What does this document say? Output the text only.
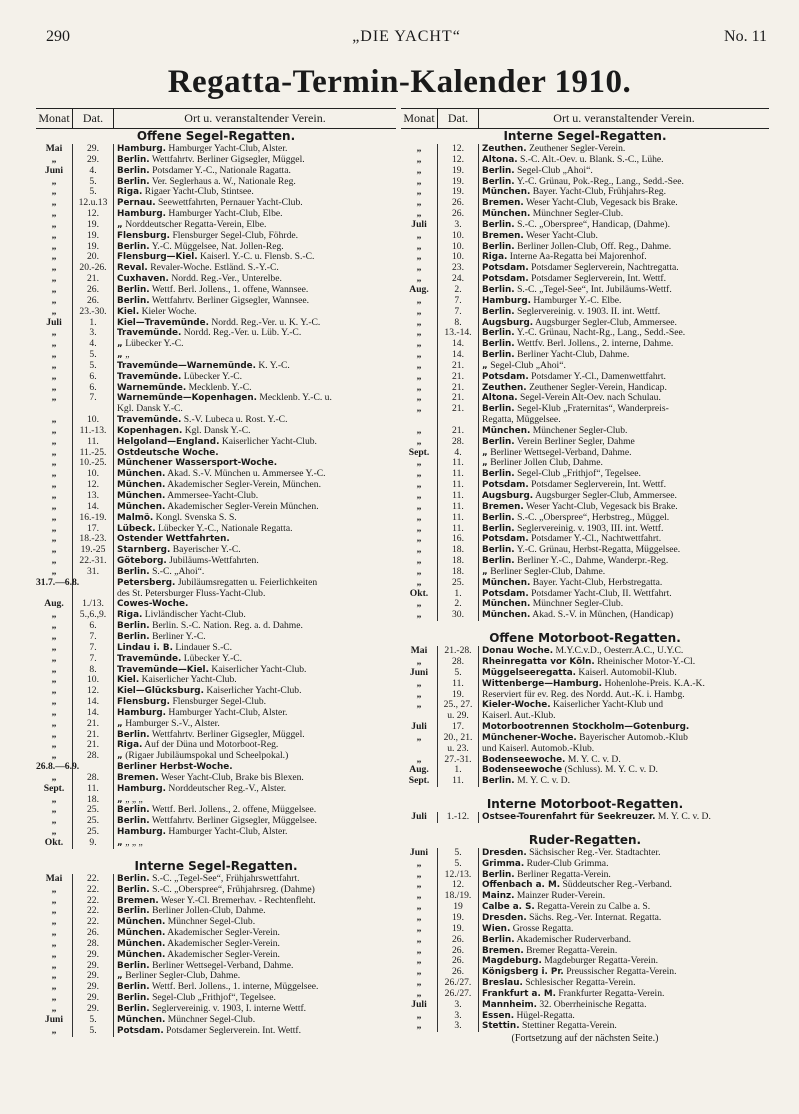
290	„DIE YACHT“	No. 11
Regatta-Termin-Kalender 1910.
Monat	Dat.	Ort u. veranstaltender Verein.
Offene Segel-Regatten.
Mai	29.	Hamburg. Hamburger Yacht-Club, Alster.
„	29.	Berlin. Wettfahrtv. Berliner Gigsegler, Müggel.
Juni	4.	Berlin. Potsdamer Y.-C., Nationale Ragatta.
„	5.	Berlin. Ver. Seglerhaus a. W., Nationale Reg.
„	5.	Riga. Rigaer Yacht-Club, Stintsee.
„	12.u.13	Pernau. Seewettfahrten, Pernauer Yacht-Club.
„	12.	Hamburg. Hamburger Yacht-Club, Elbe.
„	19.	„ Norddeutscher Regatta-Verein, Elbe.
„	19.	Flensburg. Flensburger Segel-Club, Föhrde.
„	19.	Berlin. Y.-C. Müggelsee, Nat. Jollen-Reg.
„	20.	Flensburg—Kiel. Kaiserl. Y.-C. u. Flensb. S.-C.
„	20.-26.	Reval. Revaler-Woche. Estländ. S.-Y.-C.
„	21.	Cuxhaven. Nordd. Reg.-Ver., Unterelbe.
„	26.	Berlin. Wettf. Berl. Jollens., 1. offene, Wannsee.
„	26.	Berlin. Wettfahrtv. Berliner Gigsegler, Wannsee.
„	23.-30.	Kiel. Kieler Woche.
Juli	1.	Kiel—Travemünde. Nordd. Reg.-Ver. u. K. Y.-C.
„	3.	Travemünde. Nordd. Reg.-Ver. u. Lüb. Y.-C.
„	4.	„ Lübecker Y.-C.
„	5.	„ „
„	5.	Travemünde—Warnemünde. K. Y.-C.
„	6.	Travemünde. Lübecker Y.-C.
„	6.	Warnemünde. Mecklenb. Y.-C.
„	7.	Warnemünde—Kopenhagen. Mecklenb. Y.-C. u.
Kgl. Dansk Y.-C.
„	10.	Travemünde. S.-V. Lubeca u. Rost. Y.-C.
„	11.-13.	Kopenhagen. Kgl. Dansk Y.-C.
„	11.	Helgoland—England. Kaiserlicher Yacht-Club.
„	11.-25.	Ostdeutsche Woche.
„	10.-25.	Münchener Wassersport-Woche.
„	10.	München. Akad. S.-V. München u. Ammersee Y.-C.
„	12.	München. Akademischer Segler-Verein, München.
„	13.	München. Ammersee-Yacht-Club.
„	14.	München. Akademischer Segler-Verein München.
„	16.-19.	Malmö. Kongl. Svenska S. S.
„	17.	Lübeck. Lübecker Y.-C., Nationale Regatta.
„	18.-23.	Ostender Wettfahrten.
„	19.-25	Starnberg. Bayerischer Y.-C.
„	22.-31.	Göteborg. Jubiläums-Wettfahrten.
„	31.	Berlin. S.-C. „Ahoi“.
31.7.—6.8.	Petersberg. Jubiläumsregatten u. Feierlichkeiten
des St. Petersburger Fluss-Yacht-Club.
Aug.	1./13.	Cowes-Woche.
„	5.,6.,9.	Riga. Livländischer Yacht-Club.
„	6.	Berlin. Berlin. S.-C. Nation. Reg. a. d. Dahme.
„	7.	Berlin. Berliner Y.-C.
„	7.	Lindau i. B. Lindauer S.-C.
„	7.	Travemünde. Lübecker Y.-C.
„	8.	Travemünde—Kiel. Kaiserlicher Yacht-Club.
„	10.	Kiel. Kaiserlicher Yacht-Club.
„	12.	Kiel—Glücksburg. Kaiserlicher Yacht-Club.
„	14.	Flensburg. Flensburger Segel-Club.
„	14.	Hamburg. Hamburger Yacht-Club, Alster.
„	21.	„ Hamburger S.-V., Alster.
„	21.	Berlin. Wettfahrtv. Berliner Gigsegler, Müggel.
„	21.	Riga. Auf der Düna und Motorboot-Reg.
„	28.	„ (Rigaer Jubiläumspokal und Scheelpokal.)
26.8.—6.9.	Berliner Herbst-Woche.
„	28.	Bremen. Weser Yacht-Club, Brake bis Blexen.
Sept.	11.	Hamburg. Norddeutscher Reg.-V., Alster.
„	18.	„ „ „ „
„	25.	Berlin. Wettf. Berl. Jollens., 2. offene, Müggelsee.
„	25.	Berlin. Wettfahrtv. Berliner Gigsegler, Müggelsee.
„	25.	Hamburg. Hamburger Yacht-Club, Alster.
Okt.	9.	„ „ „ „
Interne Segel-Regatten.
Mai	22.	Berlin. S.-C. „Tegel-See“, Frühjahrswettfahrt.
„	22.	Berlin. S.-C. „Oberspree“, Frühjahrsreg. (Dahme)
„	22.	Bremen. Weser Y.-Cl. Bremerhav. - Rechtenfleht.
„	22.	Berlin. Berliner Jollen-Club, Dahme.
„	22.	München. Münchner Segel-Club.
„	26.	München. Akademischer Segler-Verein.
„	28.	München. Akademischer Segler-Verein.
„	29.	München. Akademischer Segler-Verein.
„	29.	Berlin. Berliner Wettsegel-Verband, Dahme.
„	29.	„ Berliner Segler-Club, Dahme.
„	29.	Berlin. Wettf. Berl. Jollens., 1. interne, Müggelsee.
„	29.	Berlin. Segel-Club „Frithjof“, Tegelsee.
„	29.	Berlin. Seglervereinig. v. 1903, I. interne Wettf.
Juni	5.	München. Münchner Segel-Club.
„	5.	Potsdam. Potsdamer Seglerverein. Int. Wettf.
Monat	Dat.	Ort u. veranstaltender Verein.
Interne Segel-Regatten.
„	12.	Zeuthen. Zeuthener Segler-Verein.
„	12.	Altona. S.-C. Alt.-Oev. u. Blank. S.-C., Lühe.
„	19.	Berlin. Segel-Club „Ahoi“.
„	19.	Berlin. Y.-C. Grünau, Pok.-Reg., Lang., Sedd.-See.
„	19.	München. Bayer. Yacht-Club, Frühjahrs-Reg.
„	26.	Bremen. Weser Yacht-Club, Vegesack bis Brake.
„	26.	München. Münchner Segler-Club.
Juli	3.	Berlin. S.-C. „Oberspree“, Handicap, (Dahme).
„	10.	Bremen. Weser Yacht-Club.
„	10.	Berlin. Berliner Jollen-Club, Off. Reg., Dahme.
„	10.	Riga. Interne Aa-Regatta bei Majorenhof.
„	23.	Potsdam. Potsdamer Seglerverein, Nachtregatta.
„	24.	Potsdam. Potsdamer Seglerverein, Int. Wettf.
Aug.	2.	Berlin. S.-C. „Tegel-See“, Int. Jubiläums-Wettf.
„	7.	Hamburg. Hamburger Y.-C. Elbe.
„	7.	Berlin. Seglervereinig. v. 1903. II. int. Wettf.
„	8.	Augsburg. Augsburger Segler-Club, Ammersee.
„	13.-14.	Berlin. Y.-C. Grünau, Nacht-Rg., Lang., Sedd.-See.
„	14.	Berlin. Wettfv. Berl. Jollens., 2. interne, Dahme.
„	14.	Berlin. Berliner Yacht-Club, Dahme.
„	21.	„ Segel-Club „Ahoi“.
„	21.	Potsdam. Potsdamer Y.-Cl., Damenwettfahrt.
„	21.	Zeuthen. Zeuthener Segler-Verein, Handicap.
„	21.	Altona. Segel-Verein Alt-Oev. nach Schulau.
„	21.	Berlin. Segel-Klub „Fraternitas“, Wanderpreis-
Regatta, Müggelsee.
„	21.	München. Münchener Segler-Club.
„	28.	Berlin. Verein Berliner Segler, Dahme
Sept.	4.	„ Berliner Wettsegel-Verband, Dahme.
„	11.	„ Berliner Jollen Club, Dahme.
„	11.	Berlin. Segel-Club „Frithjof“, Tegelsee.
„	11.	Potsdam. Potsdamer Seglerverein, Int. Wettf.
„	11.	Augsburg. Augsburger Segler-Club, Ammersee.
„	11.	Bremen. Weser Yacht-Club, Vegesack bis Brake.
„	11.	Berlin. S.-C. „Oberspree“, Herbstreg., Müggel.
„	11.	Berlin. Seglervereinig. v. 1903, III. int. Wettf.
„	16.	Potsdam. Potsdamer Y.-Cl., Nachtwettfahrt.
„	18.	Berlin. Y.-C. Grünau, Herbst-Regatta, Müggelsee.
„	18.	Berlin. Berliner Y.-C., Dahme, Wanderpr.-Reg.
„	18.	„ Berliner Segler-Club, Dahme.
„	25.	München. Bayer. Yacht-Club, Herbstregatta.
Okt.	1.	Potsdam. Potsdamer Yacht-Club, II. Wettfahrt.
„	2.	München. Münchner Segler-Club.
„	30.	München. Akad. S.-V. in München, (Handicap)
Offene Motorboot-Regatten.
Mai	21.-28.	Donau Woche. M.Y.C.v.D., Oesterr.A.C., U.Y.C.
„	28.	Rheinregatta vor Köln. Rheinischer Motor-Y.-Cl.
Juni	5.	Müggelseeregatta. Kaiserl. Automobil-Klub.
„	11.	Wittenberge—Hamburg. Hohenlohe-Preis. K.A.-K.
„	19.	Reserviert für ev. Reg. des Nordd. Aut.-K. i. Hambg.
„	25., 27.	Kieler-Woche. Kaiserlicher Yacht-Klub und
u. 29.	Kaiserl. Aut.-Klub.
Juli	17.	Motorbootrennen Stockholm—Gotenburg.
„	20., 21.	Münchener-Woche. Bayerischer Automob.-Klub
u. 23.	und Kaiserl. Automob.-Klub.
„	27.-31.	Bodenseewoche. M. Y. C. v. D.
Aug.	1.	Bodenseewoche (Schluss). M. Y. C. v. D.
Sept.	11.	Berlin. M. Y. C. v. D.
Interne Motorboot-Regatten.
Juli	1.-12.	Ostsee-Tourenfahrt für Seekreuzer. M. Y. C. v. D.
Ruder-Regatten.
Juni	5.	Dresden. Sächsischer Reg.-Ver. Stadtachter.
„	5.	Grimma. Ruder-Club Grimma.
„	12./13.	Berlin. Berliner Regatta-Verein.
„	12.	Offenbach a. M. Süddeutscher Reg.-Verband.
„	18./19.	Mainz. Mainzer Ruder-Verein.
„	19	Calbe a. S. Regatta-Verein zu Calbe a. S.
„	19.	Dresden. Sächs. Reg.-Ver. Internat. Regatta.
„	19.	Wien. Grosse Regatta.
„	26.	Berlin. Akademischer Ruderverband.
„	26.	Bremen. Bremer Regatta-Verein.
„	26.	Magdeburg. Magdeburger Regatta-Verein.
„	26.	Königsberg i. Pr. Preussischer Regatta-Verein.
„	26./27.	Breslau. Schlesischer Regatta-Verein.
„	26./27.	Frankfurt a. M. Frankfurter Regatta-Verein.
Juli	3.	Mannheim. 32. Oberrheinische Regatta.
„	3.	Essen. Hügel-Regatta.
„	3.	Stettin. Stettiner Regatta-Verein.
(Fortsetzung auf der nächsten Seite.)
